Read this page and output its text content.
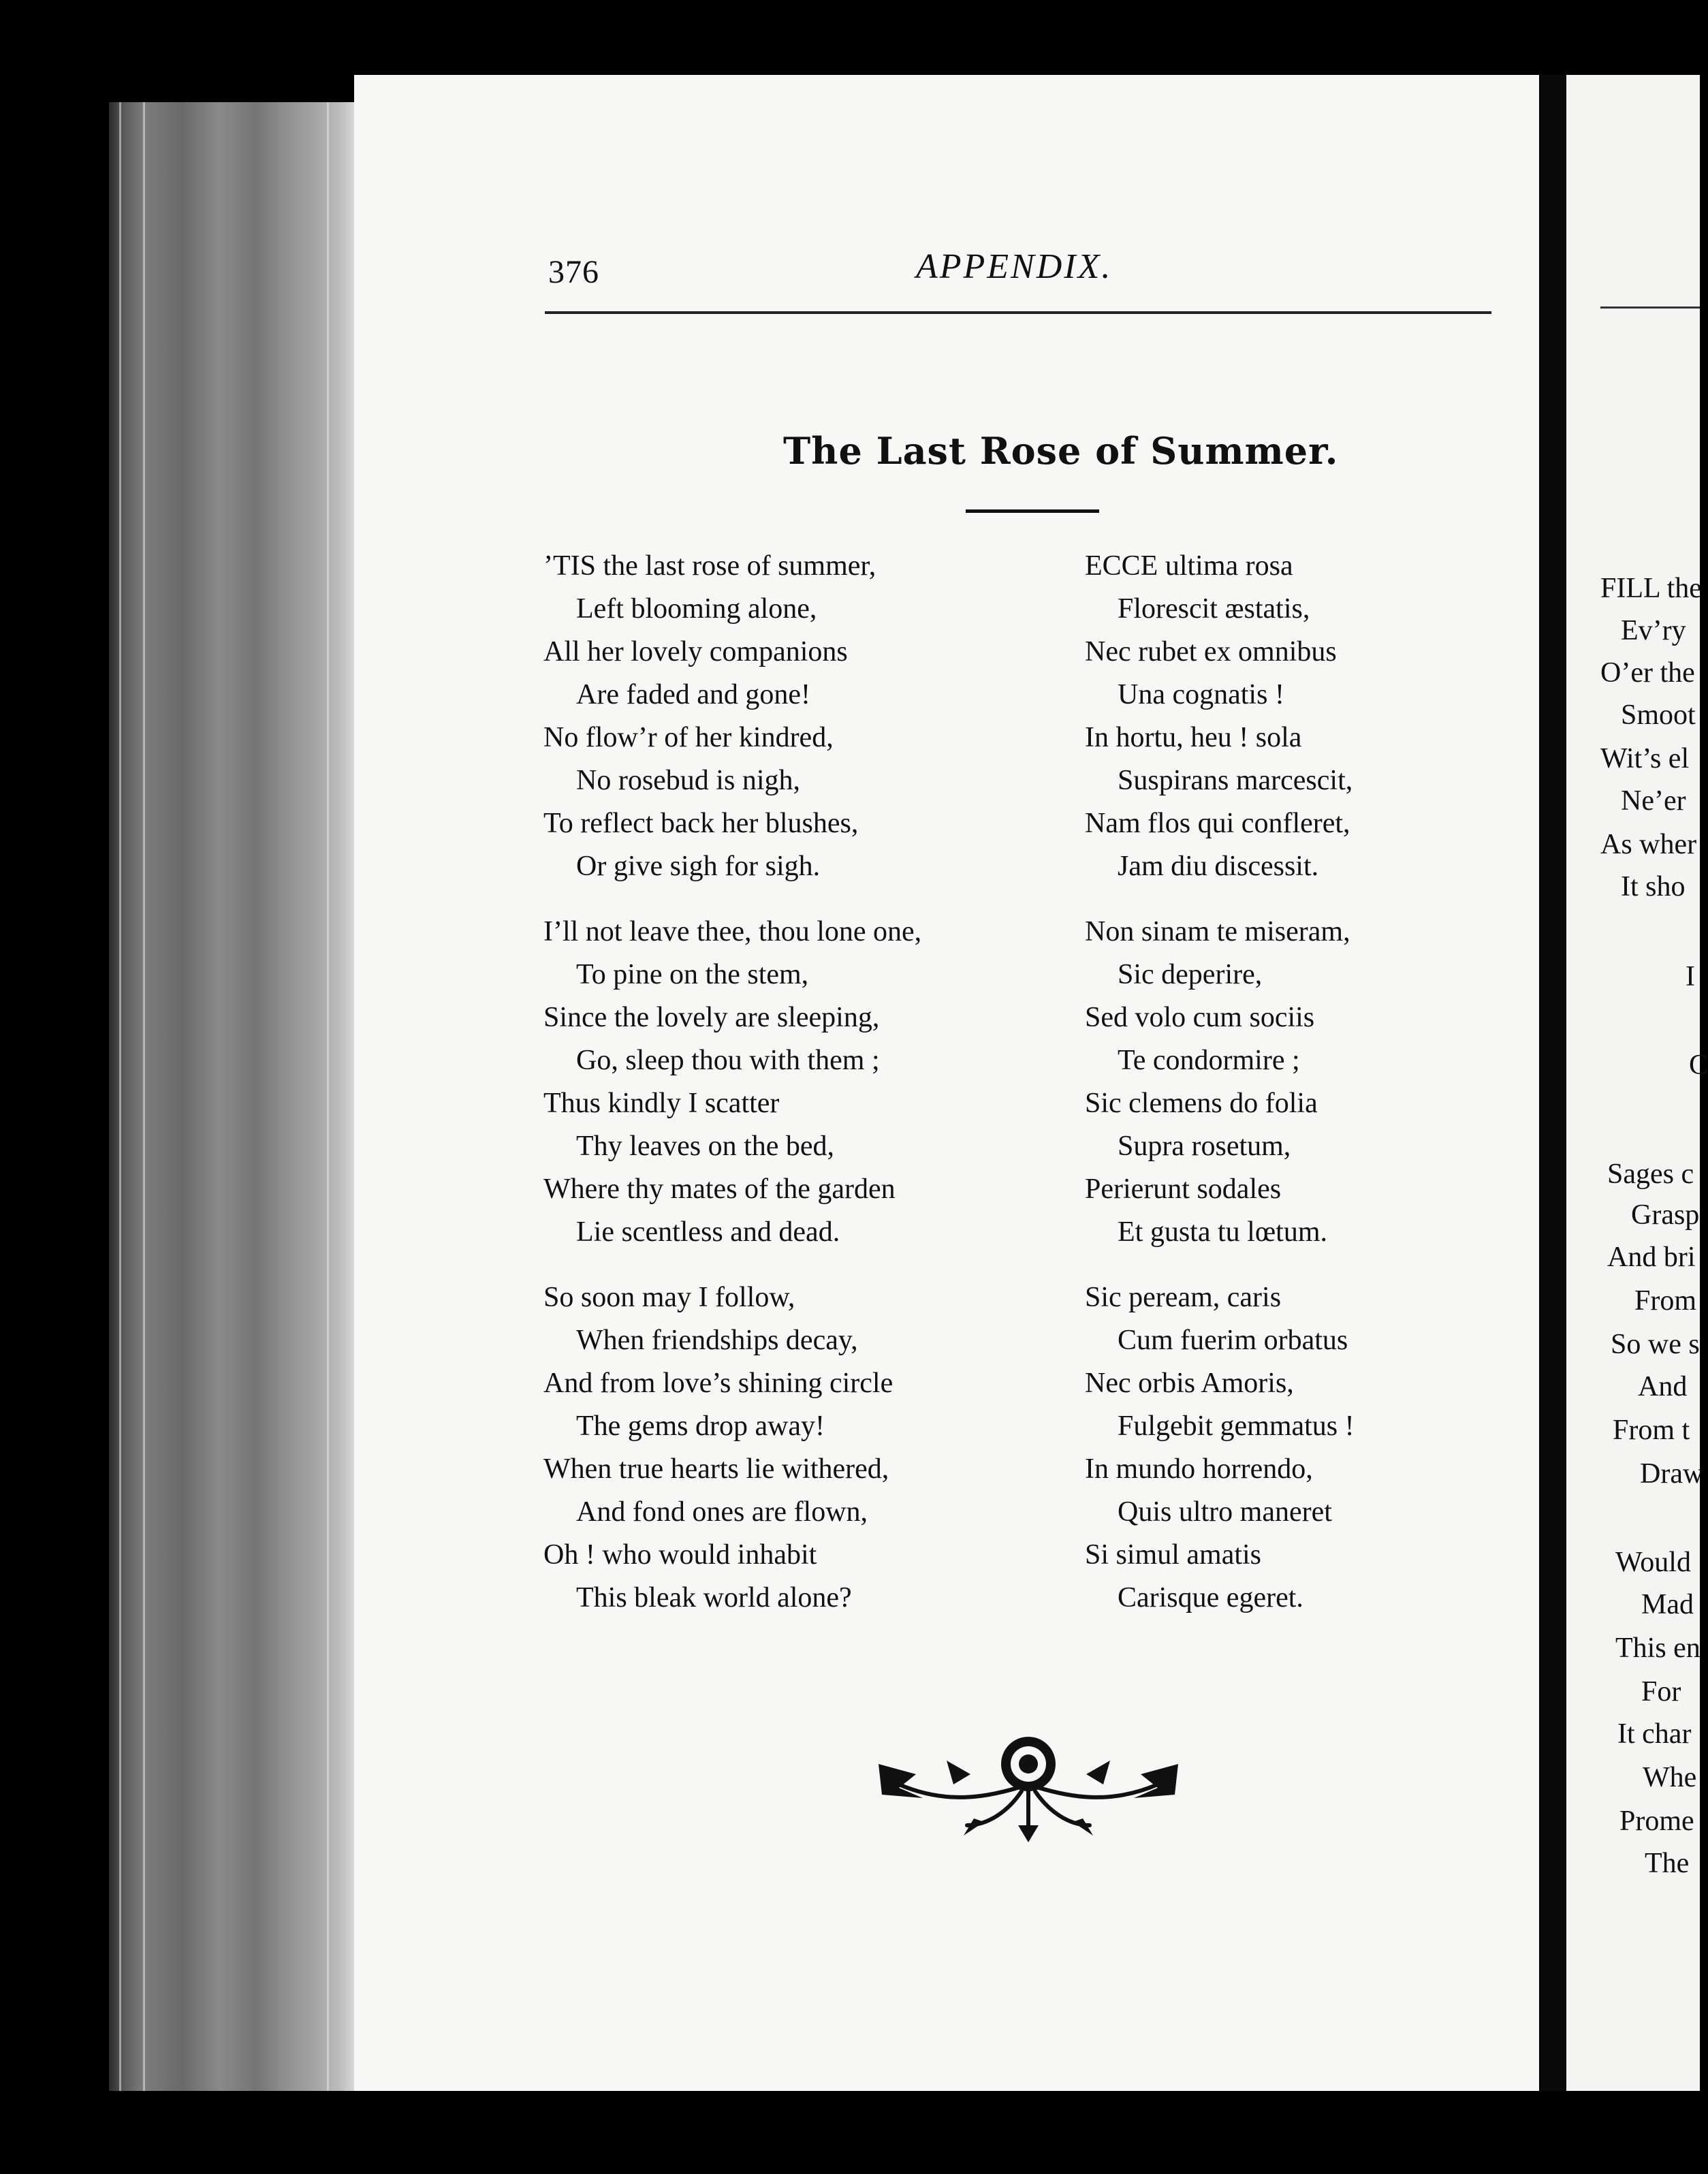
376	APPENDIX.
The Last Rose of Summer.

’TIS the last rose of summer,

Left blooming alone,

All her lovely companions

Are faded and gone!

No flow’r of her kindred,

No rosebud is nigh,

To reflect back her blushes,

Or give sigh for sigh.

I’ll not leave thee, thou lone one,

To pine on the stem,

Since the lovely are sleeping,

Go, sleep thou with them ;

Thus kindly I scatter

Thy leaves on the bed,

Where thy mates of the garden

Lie scentless and dead.

So soon may I follow,

When friendships decay,

And from love’s shining circle

The gems drop away!

When true hearts lie withered,

And fond ones are flown,

Oh ! who would inhabit

This bleak world alone?

ECCE ultima rosa

Florescit æstatis,

Nec rubet ex omnibus

Una cognatis !

In hortu, heu ! sola

Suspirans marcescit,

Nam flos qui confleret,

Jam diu discessit.

Non sinam te miseram,

Sic deperire,

Sed volo cum sociis

Te condormire ;

Sic clemens do folia

Supra rosetum,

Perierunt sodales

Et gusta tu lœtum.

Sic peream, caris

Cum fuerim orbatus

Nec orbis Amoris,

Fulgebit gemmatus !

In mundo horrendo,

Quis ultro maneret

Si simul amatis

Carisque egeret.

FILL the
Ev’ry
O’er the
Smoot
Wit’s el
Ne’er
As wher
It sho
I
C
Sages c
Grasp
And bri
From
So we s
And
From t
Draw
Would
Mad
This en
For
It char
Whe
Prome
The
